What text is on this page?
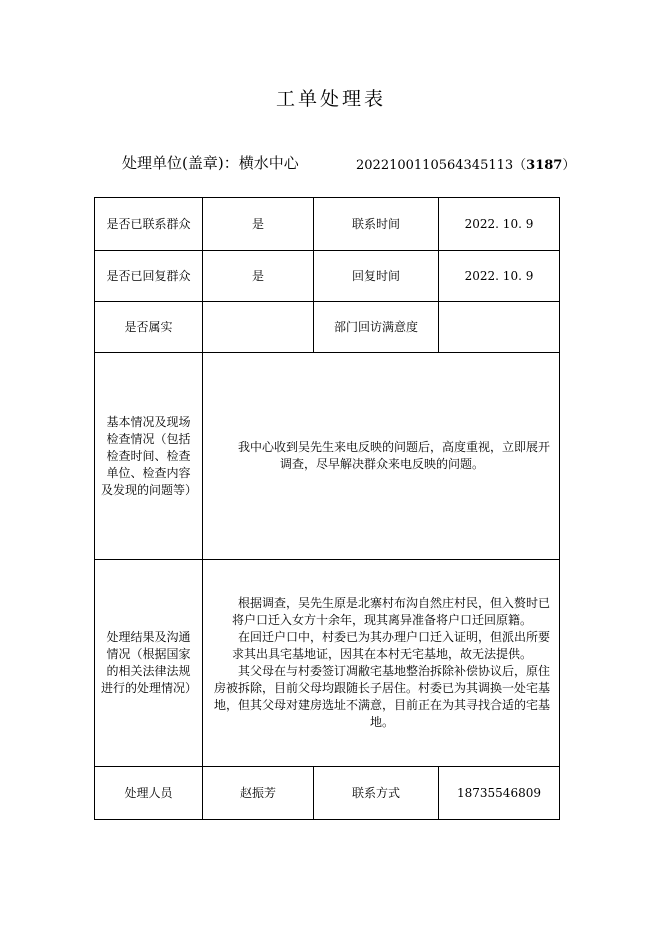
工单处理表
处理单位(盖章)：横水中心	2022100110564345113（3187）
是否已联系群众	是	联系时间	2022. 10. 9
是否已回复群众	是	回复时间	2022. 10. 9
是否属实		部门回访满意度	
基本情况及现场检查情况（包括检查时间、检查单位、检查内容及发现的问题等）	我中心收到吴先生来电反映的问题后，高度重视，立即展开调查，尽早解决群众来电反映的问题。		

处理结果及沟通情况（根据国家的相关法律法规进行的处理情况）	根据调查，吴先生原是北寨村布沟自然庄村民，但入赘时已将户口迁入女方十余年，现其离异准备将户口迁回原籍。

在回迁户口中，村委已为其办理户口迁入证明，但派出所要求其出具宅基地证，因其在本村无宅基地，故无法提供。

其父母在与村委签订凋敝宅基地整治拆除补偿协议后，原住房被拆除，目前父母均跟随长子居住。村委已为其调换一处宅基地，但其父母对建房选址不满意，目前正在为其寻找合适的宅基地。		

处理人员	赵振芳	联系方式	18735546809
